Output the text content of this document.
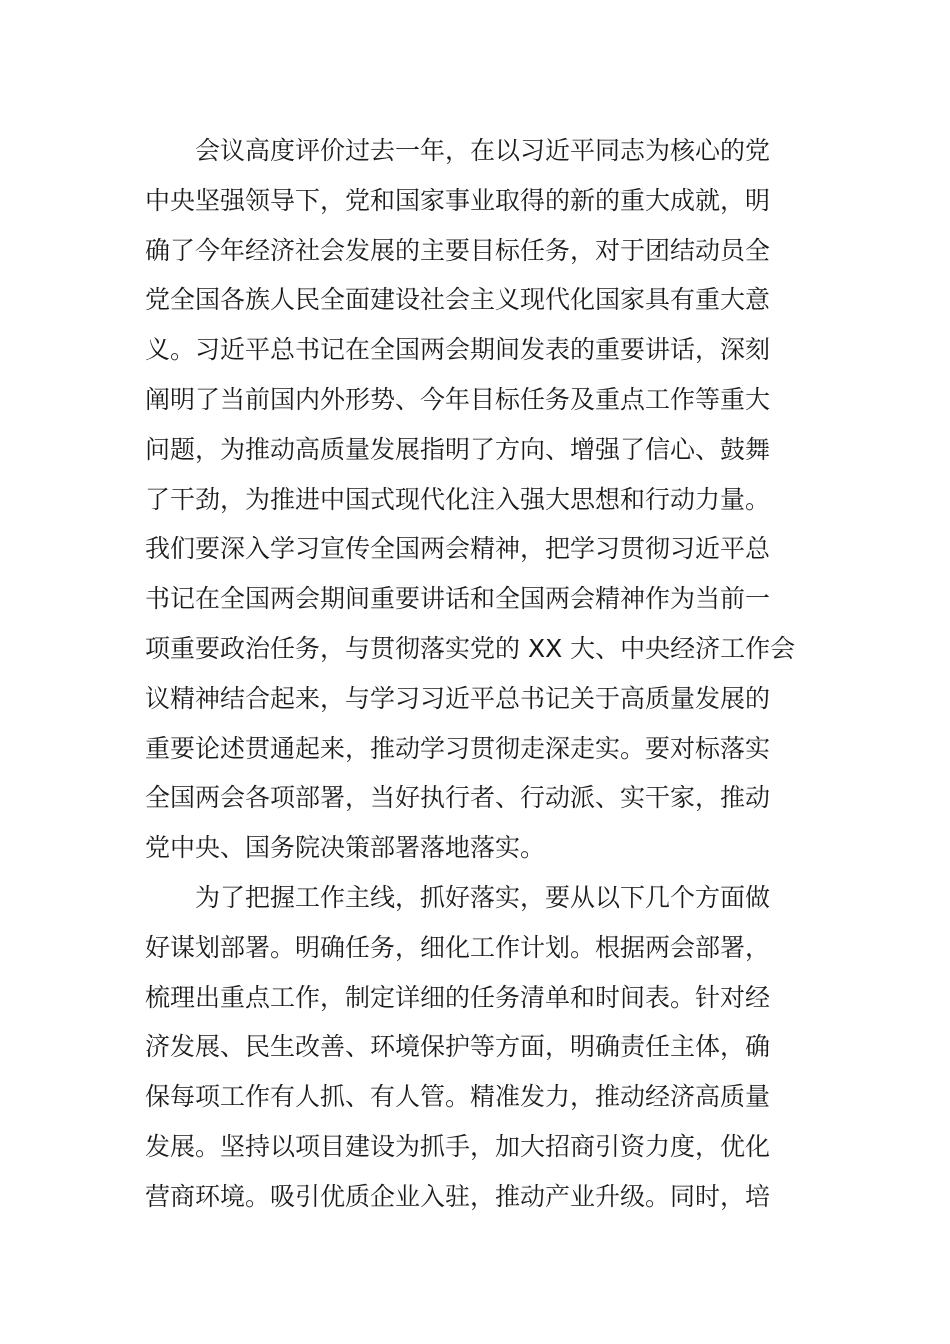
会议高度评价过去一年，在以习近平同志为核心的党
中央坚强领导下，党和国家事业取得的新的重大成就，明
确了今年经济社会发展的主要目标任务，对于团结动员全
党全国各族人民全面建设社会主义现代化国家具有重大意
义。习近平总书记在全国两会期间发表的重要讲话，深刻
阐明了当前国内外形势、今年目标任务及重点工作等重大
问题，为推动高质量发展指明了方向、增强了信心、鼓舞
了干劲，为推进中国式现代化注入强大思想和行动力量。
我们要深入学习宣传全国两会精神，把学习贯彻习近平总
书记在全国两会期间重要讲话和全国两会精神作为当前一
项重要政治任务，与贯彻落实党的 XX 大、中央经济工作会
议精神结合起来，与学习习近平总书记关于高质量发展的
重要论述贯通起来，推动学习贯彻走深走实。要对标落实
全国两会各项部署，当好执行者、行动派、实干家，推动
党中央、国务院决策部署落地落实。
为了把握工作主线，抓好落实，要从以下几个方面做
好谋划部署。明确任务，细化工作计划。根据两会部署，
梳理出重点工作，制定详细的任务清单和时间表。针对经
济发展、民生改善、环境保护等方面，明确责任主体，确
保每项工作有人抓、有人管。精准发力，推动经济高质量
发展。坚持以项目建设为抓手，加大招商引资力度，优化
营商环境。吸引优质企业入驻，推动产业升级。同时，培
